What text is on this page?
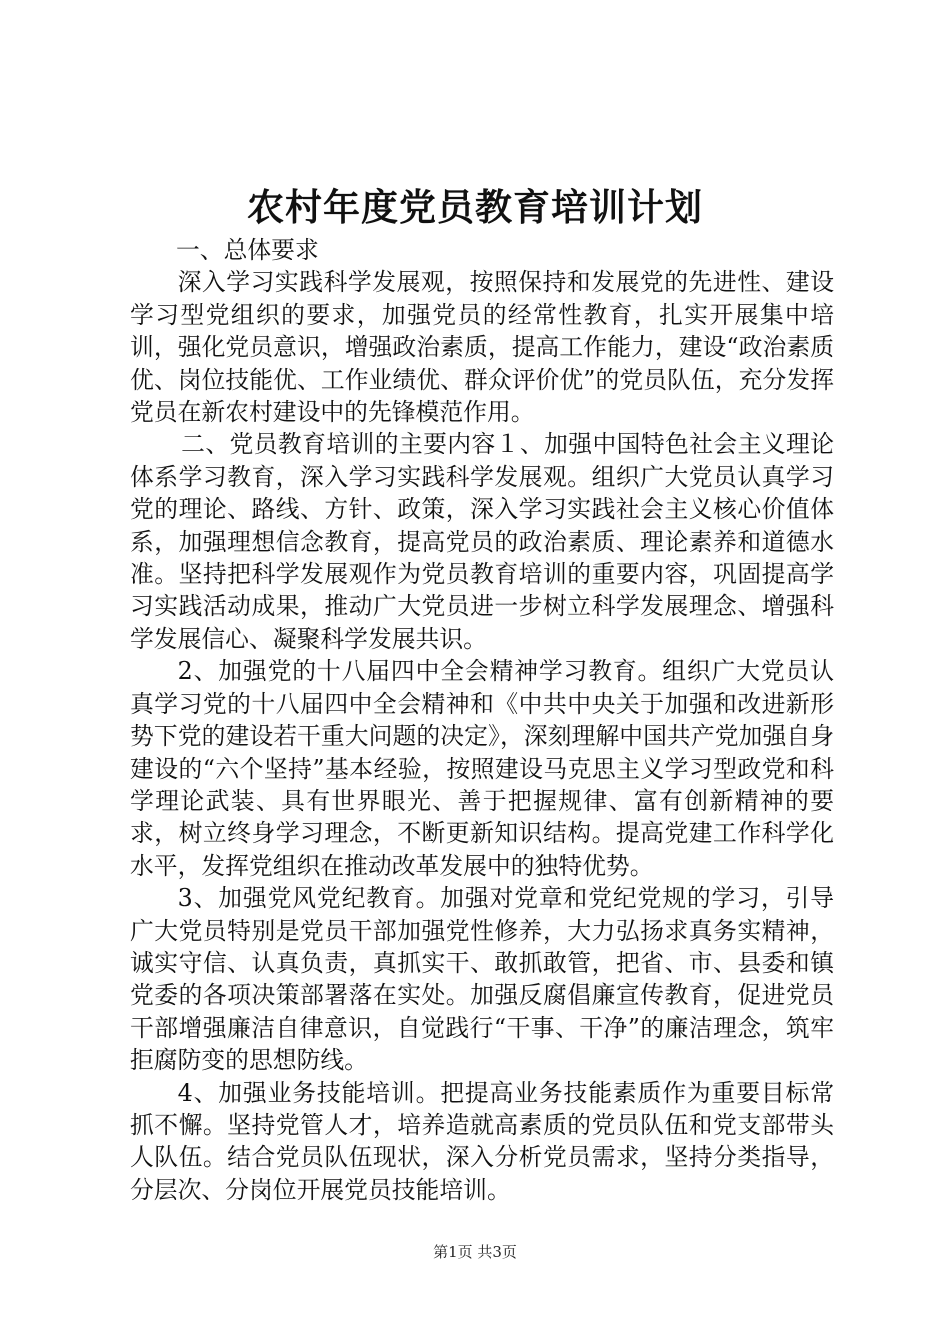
农村年度党员教育培训计划

一、总体要求

深入学习实践科学发展观，按照保持和发展党的先进性、建设学习型党组织的要求，加强党员的经常性教育，扎实开展集中培训，强化党员意识，增强政治素质，提高工作能力，建设“政治素质优、岗位技能优、工作业绩优、群众评价优”的党员队伍，充分发挥党员在新农村建设中的先锋模范作用。

二、党员教育培训的主要内容１、加强中国特色社会主义理论体系学习教育，深入学习实践科学发展观。组织广大党员认真学习党的理论、路线、方针、政策，深入学习实践社会主义核心价值体系，加强理想信念教育，提高党员的政治素质、理论素养和道德水准。坚持把科学发展观作为党员教育培训的重要内容，巩固提高学习实践活动成果，推动广大党员进一步树立科学发展理念、增强科学发展信心、凝聚科学发展共识。

2、加强党的十八届四中全会精神学习教育。组织广大党员认真学习党的十八届四中全会精神和《中共中央关于加强和改进新形势下党的建设若干重大问题的决定》，深刻理解中国共产党加强自身建设的“六个坚持”基本经验，按照建设马克思主义学习型政党和科学理论武装、具有世界眼光、善于把握规律、富有创新精神的要求，树立终身学习理念，不断更新知识结构。提高党建工作科学化水平，发挥党组织在推动改革发展中的独特优势。

3、加强党风党纪教育。加强对党章和党纪党规的学习，引导广大党员特别是党员干部加强党性修养，大力弘扬求真务实精神，诚实守信、认真负责，真抓实干、敢抓敢管，把省、市、县委和镇党委的各项决策部署落在实处。加强反腐倡廉宣传教育，促进党员干部增强廉洁自律意识，自觉践行“干事、干净”的廉洁理念，筑牢拒腐防变的思想防线。

4、加强业务技能培训。把提高业务技能素质作为重要目标常抓不懈。坚持党管人才，培养造就高素质的党员队伍和党支部带头人队伍。结合党员队伍现状，深入分析党员需求，坚持分类指导，分层次、分岗位开展党员技能培训。

第1页 共3页
